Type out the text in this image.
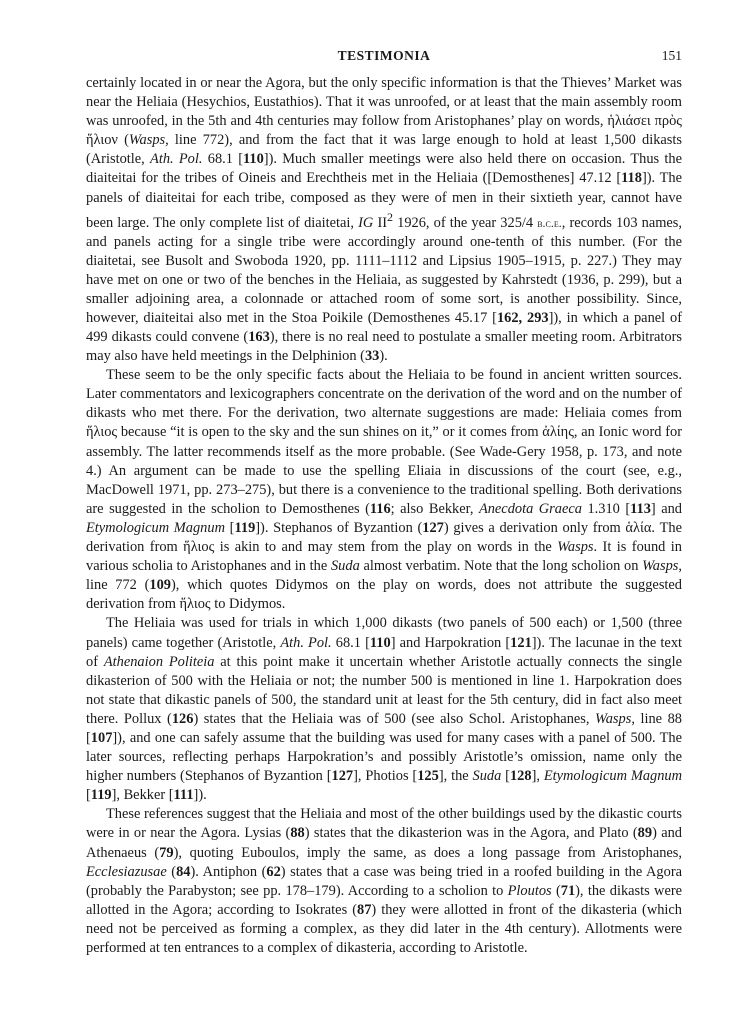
TESTIMONIA	151

certainly located in or near the Agora, but the only specific information is that the Thieves’ Market was near the Heliaia (Hesychios, Eustathios). That it was unroofed, or at least that the main assembly room was unroofed, in the 5th and 4th centuries may follow from Aristophanes’ play on words, ἡλιάσει πρὸς ἥλιον (Wasps, line 772), and from the fact that it was large enough to hold at least 1,500 dikasts (Aristotle, Ath. Pol. 68.1 [110]). Much smaller meetings were also held there on occasion. Thus the diaiteitai for the tribes of Oineis and Erechtheis met in the Heliaia ([Demosthenes] 47.12 [118]). The panels of diaiteitai for each tribe, composed as they were of men in their sixtieth year, cannot have been large. The only complete list of diaitetai, IG $II^2$ 1926, of the year 325/4 b.c.e., records 103 names, and panels acting for a single tribe were accordingly around one-tenth of this number. (For the diaitetai, see Busolt and Swoboda 1920, pp. 1111–1112 and Lipsius 1905–1915, p. 227.) They may have met on one or two of the benches in the Heliaia, as suggested by Kahrstedt (1936, p. 299), but a smaller adjoining area, a colonnade or attached room of some sort, is another possibility. Since, however, diaiteitai also met in the Stoa Poikile (Demosthenes 45.17 [162, 293]), in which a panel of 499 dikasts could convene (163), there is no real need to postulate a smaller meeting room. Arbitrators may also have held meetings in the Delphinion (33).

These seem to be the only specific facts about the Heliaia to be found in ancient written sources. Later commentators and lexicographers concentrate on the derivation of the word and on the number of dikasts who met there. For the derivation, two alternate suggestions are made: Heliaia comes from ἥλιος because “it is open to the sky and the sun shines on it,” or it comes from ἀλίης, an Ionic word for assembly. The latter recommends itself as the more probable. (See Wade-Gery 1958, p. 173, and note 4.) An argument can be made to use the spelling Eliaia in discussions of the court (see, e.g., MacDowell 1971, pp. 273–275), but there is a convenience to the traditional spelling. Both derivations are suggested in the scholion to Demosthenes (116; also Bekker, Anecdota Graeca 1.310 [113] and Etymologicum Magnum [119]). Stephanos of Byzantion (127) gives a derivation only from ἁλία. The derivation from ἥλιος is akin to and may stem from the play on words in the Wasps. It is found in various scholia to Aristophanes and in the Suda almost verbatim. Note that the long scholion on Wasps, line 772 (109), which quotes Didymos on the play on words, does not attribute the suggested derivation from ἥλιος to Didymos.

The Heliaia was used for trials in which 1,000 dikasts (two panels of 500 each) or 1,500 (three panels) came together (Aristotle, Ath. Pol. 68.1 [110] and Harpokration [121]). The lacunae in the text of Athenaion Politeia at this point make it uncertain whether Aristotle actually connects the single dikasterion of 500 with the Heliaia or not; the number 500 is mentioned in line 1. Harpokration does not state that dikastic panels of 500, the standard unit at least for the 5th century, did in fact also meet there. Pollux (126) states that the Heliaia was of 500 (see also Schol. Aristophanes, Wasps, line 88 [107]), and one can safely assume that the building was used for many cases with a panel of 500. The later sources, reflecting perhaps Harpokration’s and possibly Aristotle’s omission, name only the higher numbers (Stephanos of Byzantion [127], Photios [125], the Suda [128], Etymologicum Magnum [119], Bekker [111]).

These references suggest that the Heliaia and most of the other buildings used by the dikastic courts were in or near the Agora. Lysias (88) states that the dikasterion was in the Agora, and Plato (89) and Athenaeus (79), quoting Euboulos, imply the same, as does a long passage from Aristophanes, Ecclesiazusae (84). Antiphon (62) states that a case was being tried in a roofed building in the Agora (probably the Parabyston; see pp. 178–179). According to a scholion to Ploutos (71), the dikasts were allotted in the Agora; according to Isokrates (87) they were allotted in front of the dikasteria (which need not be perceived as forming a complex, as they did later in the 4th century). Allotments were performed at ten entrances to a complex of dikasteria, according to Aristotle.
